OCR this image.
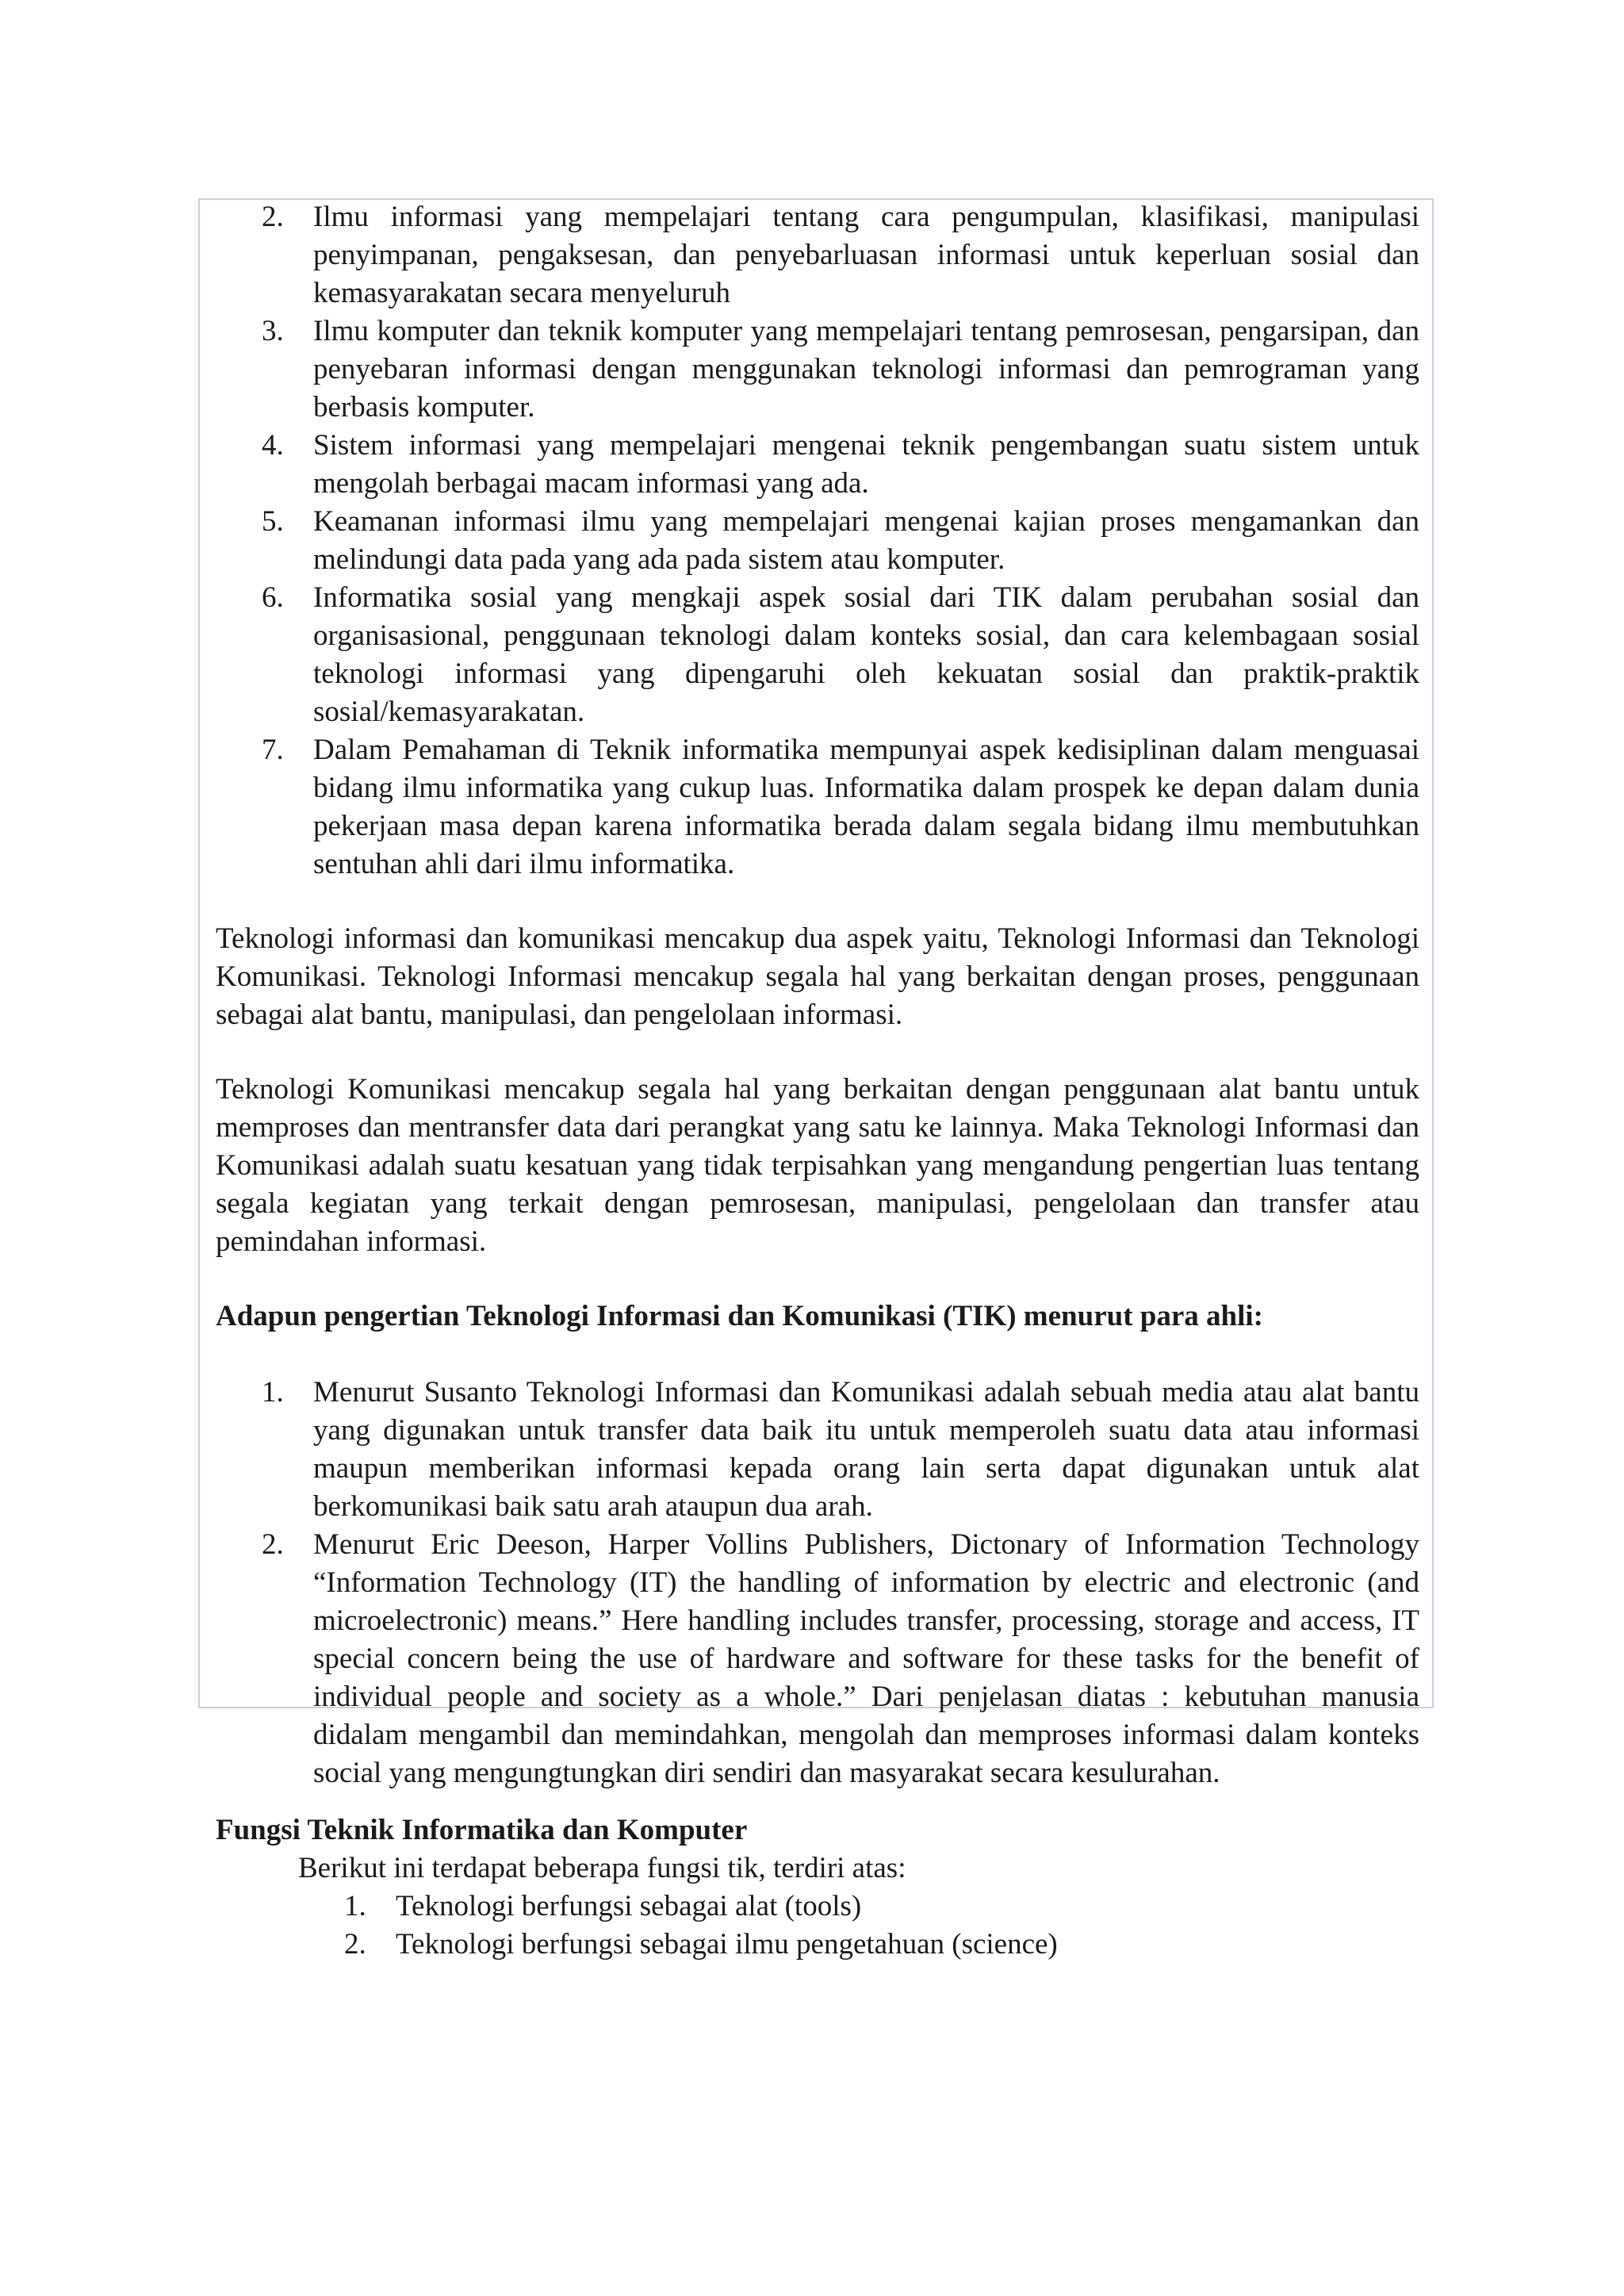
2. Ilmu informasi yang mempelajari tentang cara pengumpulan, klasifikasi, manipulasi penyimpanan, pengaksesan, dan penyebarluasan informasi untuk keperluan sosial dan kemasyarakatan secara menyeluruh
3. Ilmu komputer dan teknik komputer yang mempelajari tentang pemrosesan, pengarsipan, dan penyebaran informasi dengan menggunakan teknologi informasi dan pemrograman yang berbasis komputer.
4. Sistem informasi yang mempelajari mengenai teknik pengembangan suatu sistem untuk mengolah berbagai macam informasi yang ada.
5. Keamanan informasi ilmu yang mempelajari mengenai kajian proses mengamankan dan melindungi data pada yang ada pada sistem atau komputer.
6. Informatika sosial yang mengkaji aspek sosial dari TIK dalam perubahan sosial dan organisasional, penggunaan teknologi dalam konteks sosial, dan cara kelembagaan sosial teknologi informasi yang dipengaruhi oleh kekuatan sosial dan praktik-praktik sosial/kemasyarakatan.
7. Dalam Pemahaman di Teknik informatika mempunyai aspek kedisiplinan dalam menguasai bidang ilmu informatika yang cukup luas. Informatika dalam prospek ke depan dalam dunia pekerjaan masa depan karena informatika berada dalam segala bidang ilmu membutuhkan sentuhan ahli dari ilmu informatika.

Teknologi informasi dan komunikasi mencakup dua aspek yaitu, Teknologi Informasi dan Teknologi Komunikasi. Teknologi Informasi mencakup segala hal yang berkaitan dengan proses, penggunaan sebagai alat bantu, manipulasi, dan pengelolaan informasi.

Teknologi Komunikasi mencakup segala hal yang berkaitan dengan penggunaan alat bantu untuk memproses dan mentransfer data dari perangkat yang satu ke lainnya. Maka Teknologi Informasi dan Komunikasi adalah suatu kesatuan yang tidak terpisahkan yang mengandung pengertian luas tentang segala kegiatan yang terkait dengan pemrosesan, manipulasi, pengelolaan dan transfer atau pemindahan informasi.

Adapun pengertian Teknologi Informasi dan Komunikasi (TIK) menurut para ahli:

1. Menurut Susanto Teknologi Informasi dan Komunikasi adalah sebuah media atau alat bantu yang digunakan untuk transfer data baik itu untuk memperoleh suatu data atau informasi maupun memberikan informasi kepada orang lain serta dapat digunakan untuk alat berkomunikasi baik satu arah ataupun dua arah.
2. Menurut Eric Deeson, Harper Vollins Publishers, Dictonary of Information Technology “Information Technology (IT) the handling of information by electric and electronic (and microelectronic) means.” Here handling includes transfer, processing, storage and access, IT special concern being the use of hardware and software for these tasks for the benefit of individual people and society as a whole.” Dari penjelasan diatas : kebutuhan manusia didalam mengambil dan memindahkan, mengolah dan memproses informasi dalam konteks social yang mengungtungkan diri sendiri dan masyarakat secara kesulurahan.

Fungsi Teknik Informatika dan Komputer

Berikut ini terdapat beberapa fungsi tik, terdiri atas:

1. Teknologi berfungsi sebagai alat (tools)
2. Teknologi berfungsi sebagai ilmu pengetahuan (science)
